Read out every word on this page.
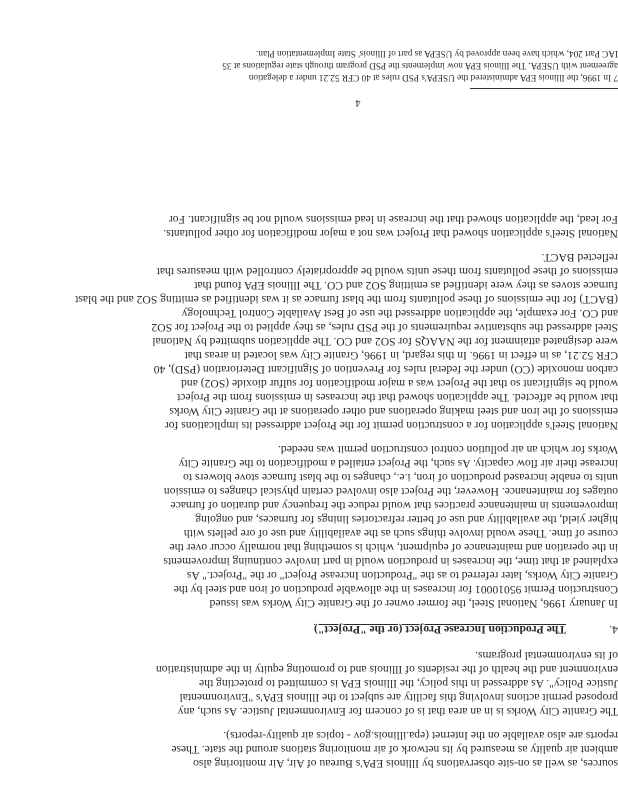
sources, as well as on-site observations by Illinois EPA's Bureau of Air, Air monitoring also
ambient air quality as measured by its network of air monitoring stations around the state. These
reports are also available on the Internet (epa.illinois.gov - topics air quality-reports).
The Granite City Works is in an area that is of concern for Environmental Justice. As such, any
proposed permit actions involving this facility are subject to the Illinois EPA's "Environmental
Justice Policy". As addressed in this policy, the Illinois EPA is committed to protecting the
environment and the health of the residents of Illinois and to promoting equity in the administration
of its environmental programs.
4.The Production Increase Project (or the "Project")
In January 1996, National Steel, the former owner of the Granite City Works was issued
Construction Permit 95010001 for increases in the allowable production of iron and steel by the
Granite City Works, later referred to as the "Production Increase Project" or the "Project." As
explained at that time, the increases in production would in part involve continuing improvements
in the operation and maintenance of equipment, which is something that normally occur over the
course of time. These would involve things such as the availability and use of ore pellets with
higher yield, the availability and use of better refractories linings for furnaces, and ongoing
improvements in maintenance practices that would reduce the frequency and duration of furnace
outages for maintenance. However, the Project also involved certain physical changes to emission
units to enable increased production of iron, i.e., changes to the blast furnace stove blowers to
increase their air flow capacity. As such, the Project entailed a modification to the Granite City
Works for which an air pollution control construction permit was needed.
National Steel's application for a construction permit for the Project addressed its implications for
emissions of the iron and steel making operations and other operations at the Granite City Works
that would be affected. The application showed that the increases in emissions from the Project
would be significant so that the Project was a major modification for sulfur dioxide (SO2) and
carbon monoxide (CO) under the federal rules for Prevention of Significant Deterioration (PSD), 40
CFR 52.21, as in effect in 1996. In this regard, in 1996, Granite City was located in areas that
were designated attainment for the NAAQS for SO2 and CO. The application submitted by National
Steel addressed the substantive requirements of the PSD rules, as they applied to the Project for SO2
and CO. For example, the application addressed the use of Best Available Control Technology
(BACT) for the emissions of these pollutants from the blast furnace as it was identified as emitting SO2 and the blast
furnace stoves as they were identified as emitting SO2 and CO. The Illinois EPA found that
emissions of these pollutants from these units would be appropriately controlled with measures that
reflected BACT.
National Steel's application showed that Project was not a major modification for other pollutants.
For lead, the application showed that the increase in lead emissions would not be significant. For
4
7 In 1996, the Illinois EPA administered the USEPA's PSD rules at 40 CFR 52.21 under a delegation
agreement with USEPA. The Illinois EPA now implements the PSD program through state regulations at 35
IAC Part 204, which have been approved by USEPA as part of Illinois' State Implementation Plan.
